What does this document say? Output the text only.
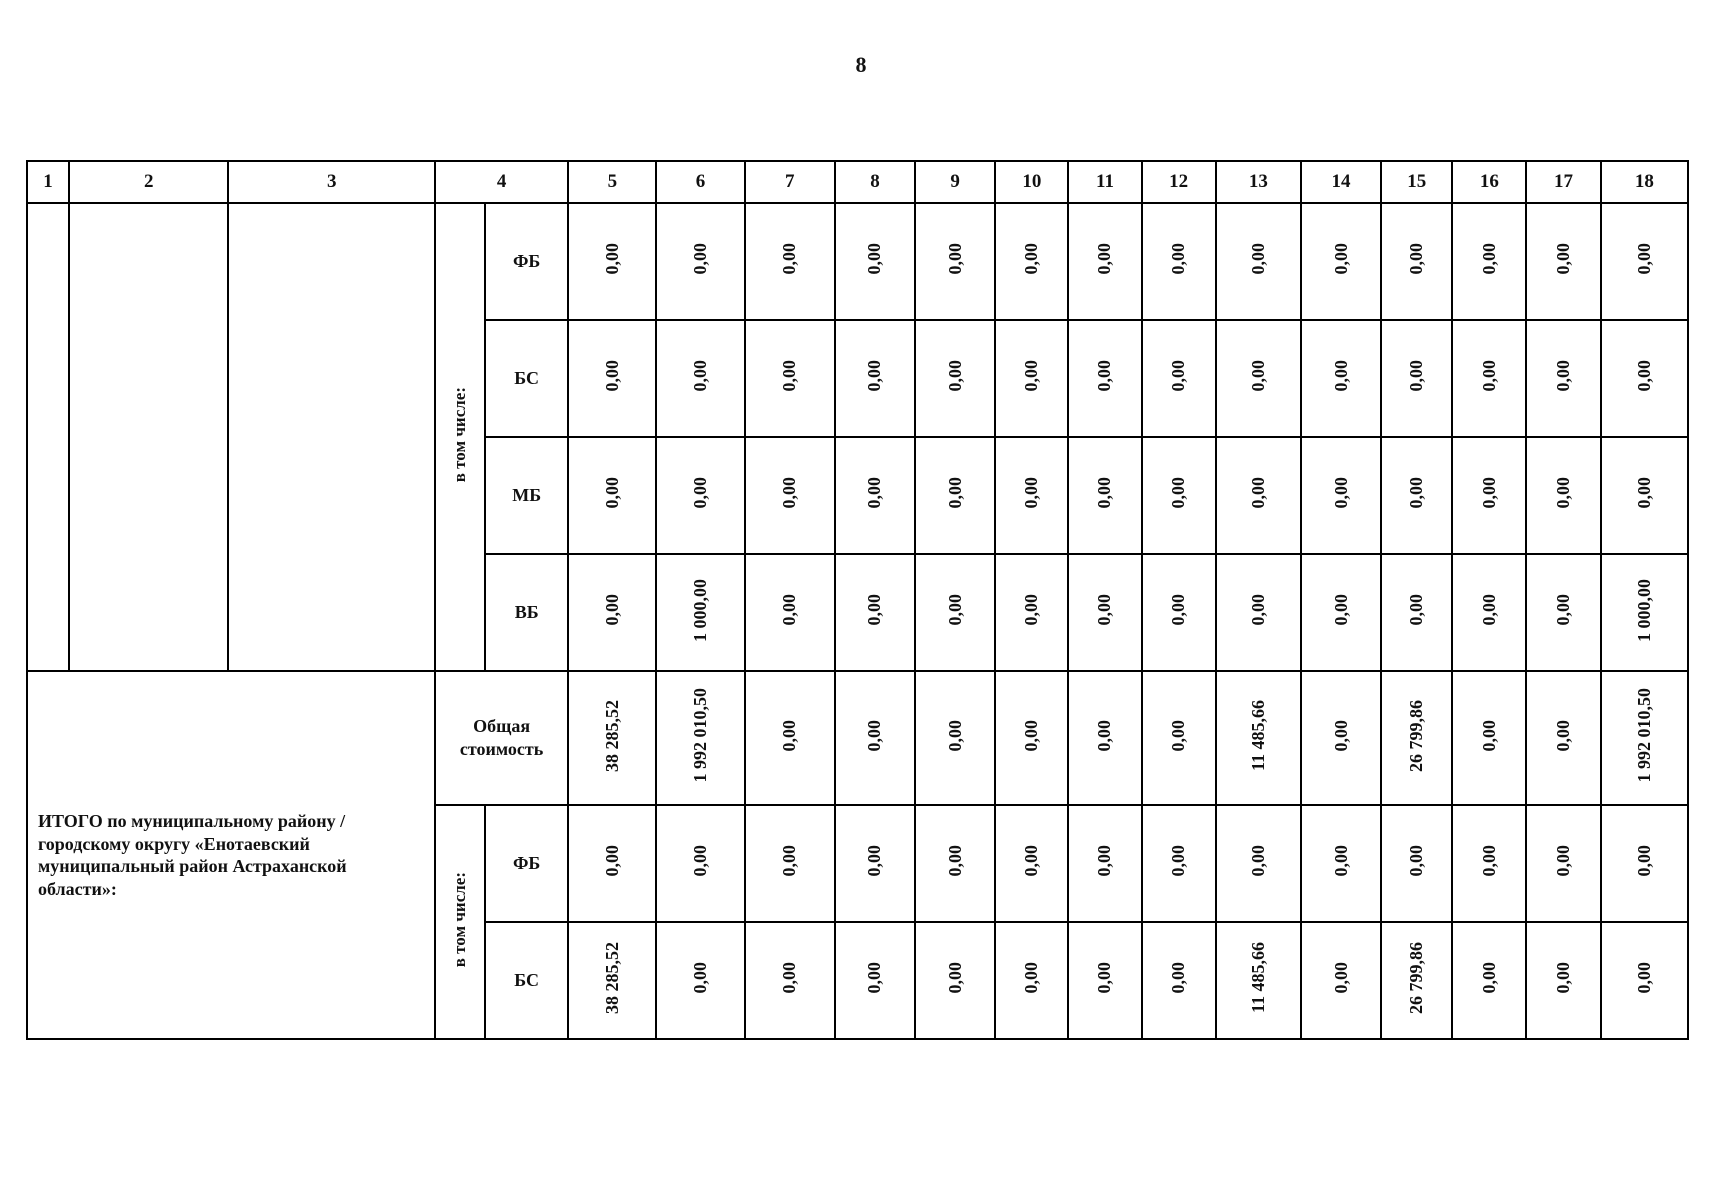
8
1	2	3	4		5	6	7	8	9	10	11	12	13	14	15	16	17	18
			в том числе:	ФБ	0,00	0,00	0,00	0,00	0,00	0,00	0,00	0,00	0,00	0,00	0,00	0,00	0,00	0,00
				БС	0,00	0,00	0,00	0,00	0,00	0,00	0,00	0,00	0,00	0,00	0,00	0,00	0,00	0,00
				МБ	0,00	0,00	0,00	0,00	0,00	0,00	0,00	0,00	0,00	0,00	0,00	0,00	0,00	0,00
				ВБ	0,00	1 000,00	0,00	0,00	0,00	0,00	0,00	0,00	0,00	0,00	0,00	0,00	0,00	1 000,00
ИТОГО по муниципальному району / городскому округу «Енотаевский муниципальный район Астраханской области»:			Общая стоимость		38 285,52	1 992 010,50	0,00	0,00	0,00	0,00	0,00	0,00	11 485,66	0,00	26 799,86	0,00	0,00	1 992 010,50
			в том числе:	ФБ	0,00	0,00	0,00	0,00	0,00	0,00	0,00	0,00	0,00	0,00	0,00	0,00	0,00	0,00
				БС	38 285,52	0,00	0,00	0,00	0,00	0,00	0,00	0,00	11 485,66	0,00	26 799,86	0,00	0,00	0,00
